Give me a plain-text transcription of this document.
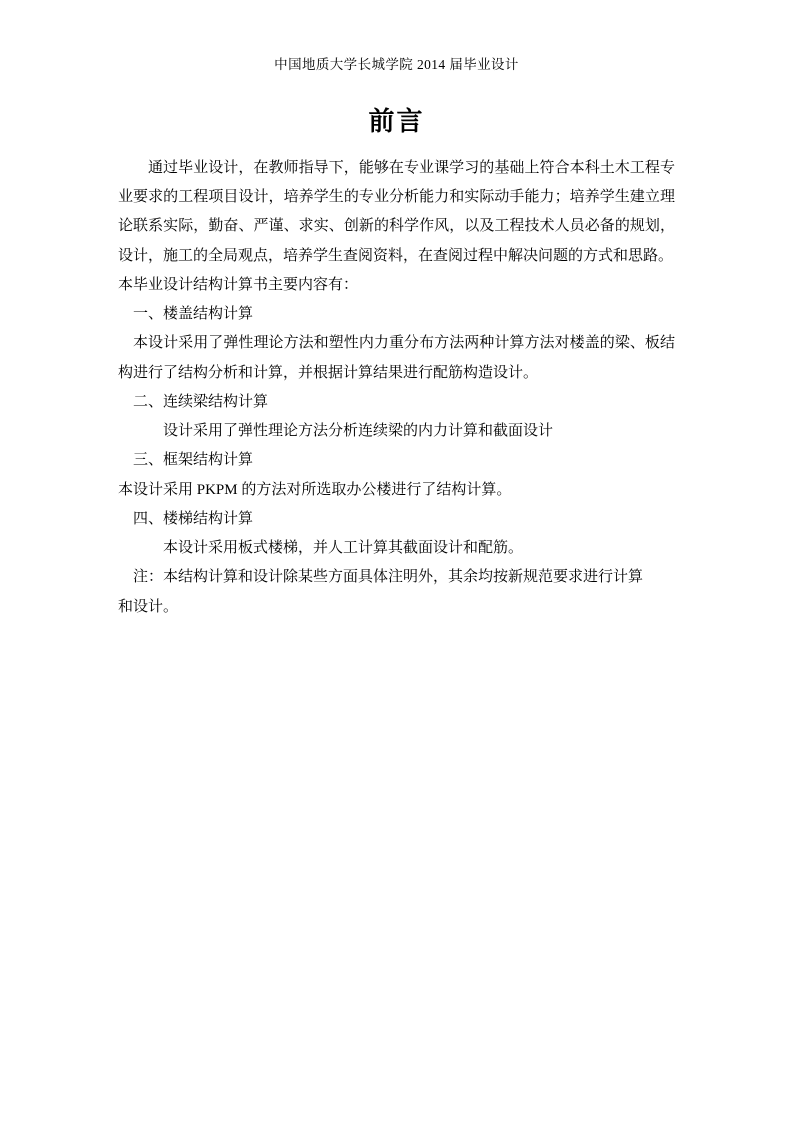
中国地质大学长城学院 2014 届毕业设计
前言

通过毕业设计，在教师指导下，能够在专业课学习的基础上符合本科土木工程专业要求的工程项目设计，培养学生的专业分析能力和实际动手能力；培养学生建立理论联系实际，勤奋、严谨、求实、创新的科学作风，以及工程技术人员必备的规划，设计，施工的全局观点，培养学生查阅资料，在查阅过程中解决问题的方式和思路。

本毕业设计结构计算书主要内容有：

一、楼盖结构计算

本设计采用了弹性理论方法和塑性内力重分布方法两种计算方法对楼盖的梁、板结构进行了结构分析和计算，并根据计算结果进行配筋构造设计。

二、连续梁结构计算

设计采用了弹性理论方法分析连续梁的内力计算和截面设计

三、框架结构计算

本设计采用 PKPM 的方法对所选取办公楼进行了结构计算。

四、楼梯结构计算

本设计采用板式楼梯，并人工计算其截面设计和配筋。

注：本结构计算和设计除某些方面具体注明外，其余均按新规范要求进行计算

和设计。
